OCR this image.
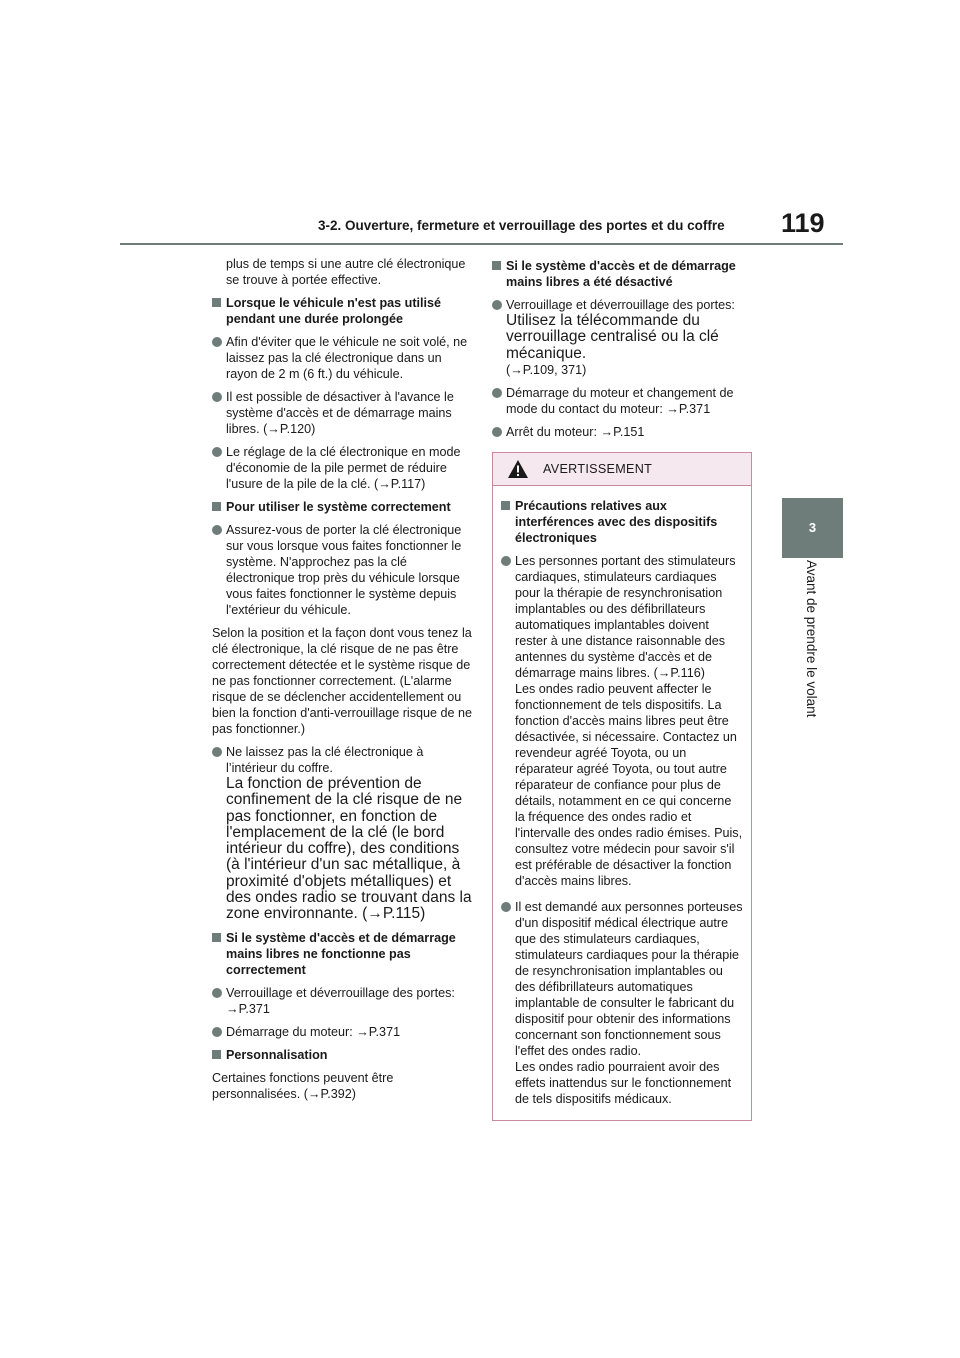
3-2. Ouverture, fermeture et verrouillage des portes et du coffre 119
3
Avant de prendre le volant

plus de temps si une autre clé électronique se trouve à portée effective.

Lorsque le véhicule n'est pas utilisé pendant une durée prolongée
Afin d'éviter que le véhicule ne soit volé, ne laissez pas la clé électronique dans un rayon de 2 m (6 ft.) du véhicule.
Il est possible de désactiver à l'avance le système d'accès et de démarrage mains libres. (→P.120)
Le réglage de la clé électronique en mode d'économie de la pile permet de réduire l'usure de la pile de la clé. (→P.117)
Pour utiliser le système correctement
Assurez-vous de porter la clé électronique sur vous lorsque vous faites fonctionner le système. N'approchez pas la clé électronique trop près du véhicule lorsque vous faites fonctionner le système depuis l'extérieur du véhicule.

Selon la position et la façon dont vous tenez la clé électronique, la clé risque de ne pas être correctement détectée et le système risque de ne pas fonctionner correctement. (L'alarme risque de se déclencher accidentellement ou bien la fonction d'anti-verrouillage risque de ne pas fonctionner.)

Ne laissez pas la clé électronique à l’intérieur du coffre.
La fonction de prévention de confinement de la clé risque de ne pas fonctionner, en fonction de l'emplacement de la clé (le bord intérieur du coffre), des conditions (à l'intérieur d'un sac métallique, à proximité d'objets métalliques) et des ondes radio se trouvant dans la zone environnante. (→P.115)
Si le système d'accès et de démarrage mains libres ne fonctionne pas correctement
Verrouillage et déverrouillage des portes: →P.371
Démarrage du moteur: →P.371
Personnalisation

Certaines fonctions peuvent être personnalisées. (→P.392)

Si le système d'accès et de démarrage mains libres a été désactivé
Verrouillage et déverrouillage des portes:
Utilisez la télécommande du verrouillage centralisé ou la clé mécanique.
(→P.109, 371)
Démarrage du moteur et changement de mode du contact du moteur: →P.371
Arrêt du moteur: →P.151
AVERTISSEMENT
Précautions relatives aux interférences avec des dispositifs électroniques
Les personnes portant des stimulateurs cardiaques, stimulateurs cardiaques pour la thérapie de resynchronisation implantables ou des défibrillateurs automatiques implantables doivent rester à une distance raisonnable des antennes du système d'accès et de démarrage mains libres. (→P.116)
Les ondes radio peuvent affecter le fonctionnement de tels dispositifs. La fonction d'accès mains libres peut être désactivée, si nécessaire. Contactez un revendeur agréé Toyota, ou un réparateur agréé Toyota, ou tout autre réparateur de confiance pour plus de détails, notamment en ce qui concerne la fréquence des ondes radio et l'intervalle des ondes radio émises. Puis, consultez votre médecin pour savoir s'il est préférable de désactiver la fonction d'accès mains libres.
Il est demandé aux personnes porteuses d'un dispositif médical électrique autre que des stimulateurs cardiaques, stimulateurs cardiaques pour la thérapie de resynchronisation implantables ou des défibrillateurs automatiques implantable de consulter le fabricant du dispositif pour obtenir des informations concernant son fonctionnement sous l'effet des ondes radio.
Les ondes radio pourraient avoir des effets inattendus sur le fonctionnement de tels dispositifs médicaux.
